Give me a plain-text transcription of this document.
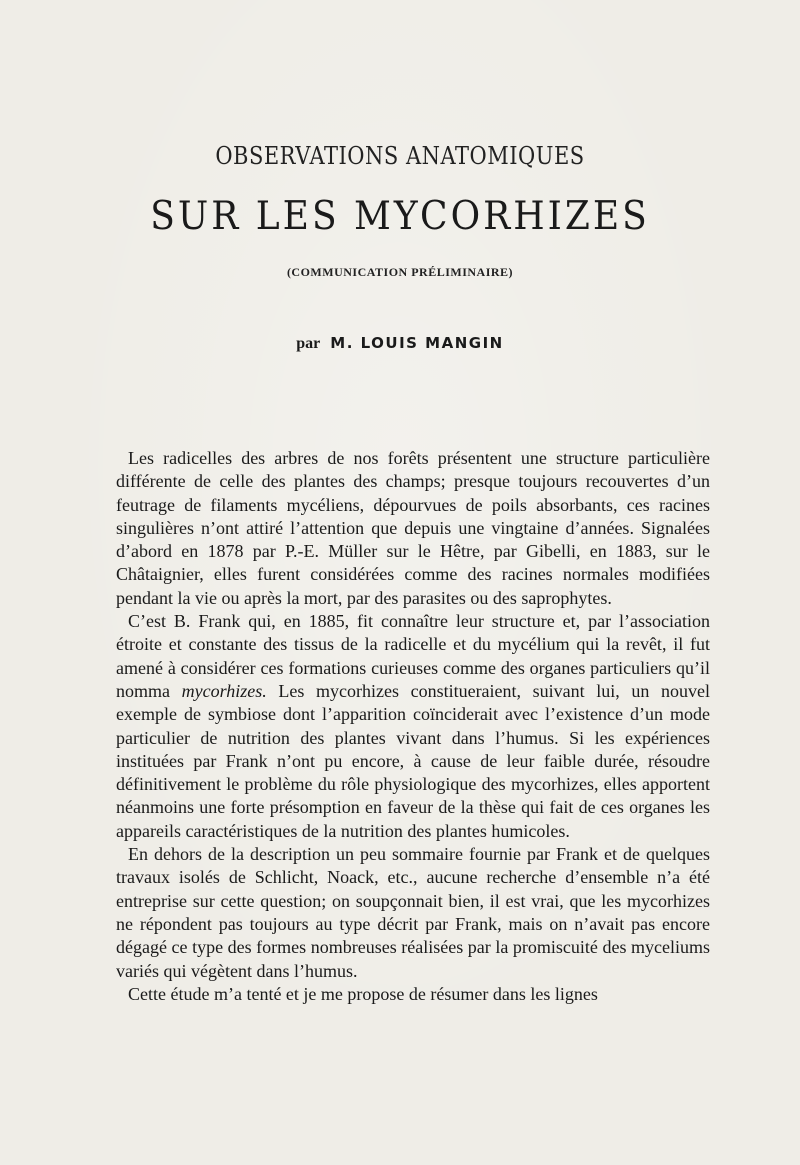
OBSERVATIONS ANATOMIQUES
SUR LES MYCORHIZES
(COMMUNICATION PRÉLIMINAIRE)
par M. LOUIS MANGIN

Les radicelles des arbres de nos forêts présentent une structure particulière différente de celle des plantes des champs; presque toujours recouvertes d’un feutrage de filaments mycéliens, dépourvues de poils absorbants, ces racines singulières n’ont attiré l’attention que depuis une vingtaine d’années. Signalées d’abord en 1878 par P.-E. Müller sur le Hêtre, par Gibelli, en 1883, sur le Châtaignier, elles furent considérées comme des racines normales modifiées pendant la vie ou après la mort, par des parasites ou des saprophytes.

C’est B. Frank qui, en 1885, fit connaître leur structure et, par l’association étroite et constante des tissus de la radicelle et du mycélium qui la revêt, il fut amené à considérer ces formations curieuses comme des organes particuliers qu’il nomma mycorhizes. Les mycorhizes constitueraient, suivant lui, un nouvel exemple de symbiose dont l’apparition coïnciderait avec l’existence d’un mode particulier de nutrition des plantes vivant dans l’humus. Si les expériences instituées par Frank n’ont pu encore, à cause de leur faible durée, résoudre définitivement le problème du rôle physiologique des mycorhizes, elles apportent néanmoins une forte présomption en faveur de la thèse qui fait de ces organes les appareils caractéristiques de la nutrition des plantes humicoles.

En dehors de la description un peu sommaire fournie par Frank et de quelques travaux isolés de Schlicht, Noack, etc., aucune recherche d’ensemble n’a été entreprise sur cette question; on soupçonnait bien, il est vrai, que les mycorhizes ne répondent pas toujours au type décrit par Frank, mais on n’avait pas encore dégagé ce type des formes nombreuses réalisées par la promiscuité des myceliums variés qui végètent dans l’humus.

Cette étude m’a tenté et je me propose de résumer dans les lignes
